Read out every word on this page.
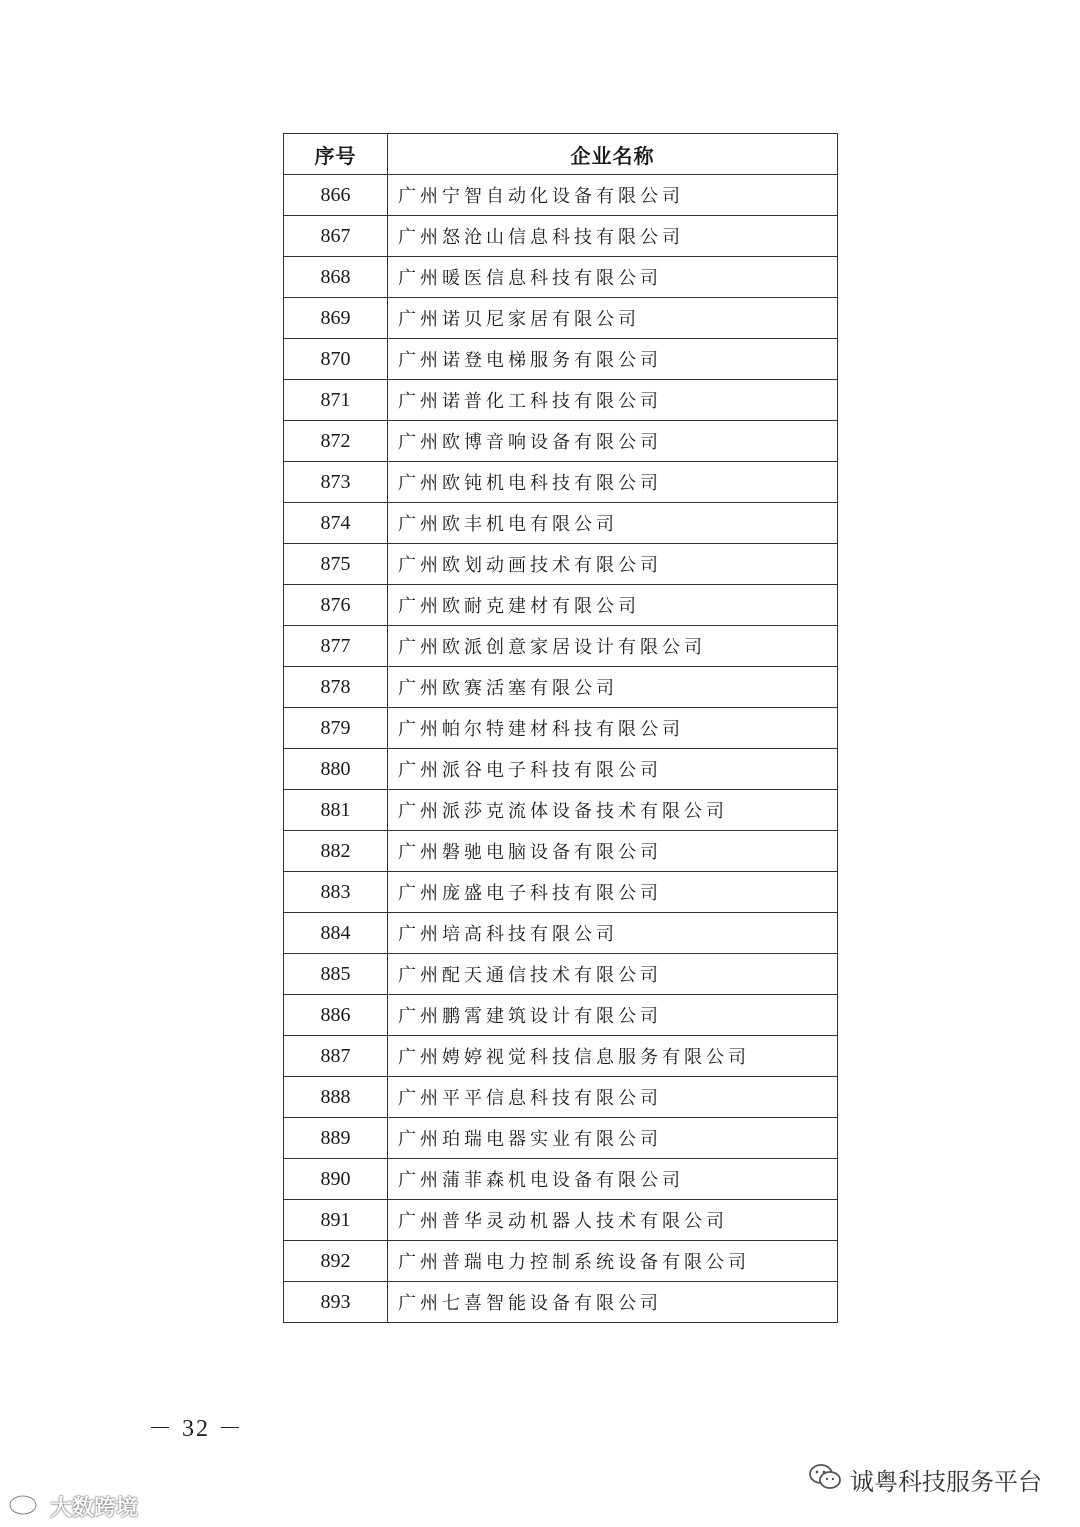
序号	企业名称
866	广州宁智自动化设备有限公司
867	广州怒沧山信息科技有限公司
868	广州暖医信息科技有限公司
869	广州诺贝尼家居有限公司
870	广州诺登电梯服务有限公司
871	广州诺普化工科技有限公司
872	广州欧博音响设备有限公司
873	广州欧钝机电科技有限公司
874	广州欧丰机电有限公司
875	广州欧划动画技术有限公司
876	广州欧耐克建材有限公司
877	广州欧派创意家居设计有限公司
878	广州欧赛活塞有限公司
879	广州帕尔特建材科技有限公司
880	广州派谷电子科技有限公司
881	广州派莎克流体设备技术有限公司
882	广州磐驰电脑设备有限公司
883	广州庞盛电子科技有限公司
884	广州培高科技有限公司
885	广州配天通信技术有限公司
886	广州鹏霄建筑设计有限公司
887	广州娉婷视觉科技信息服务有限公司
888	广州平平信息科技有限公司
889	广州珀瑞电器实业有限公司
890	广州蒲菲森机电设备有限公司
891	广州普华灵动机器人技术有限公司
892	广州普瑞电力控制系统设备有限公司
893	广州七喜智能设备有限公司
－ 32 －
诚粤科技服务平台
大数跨境
